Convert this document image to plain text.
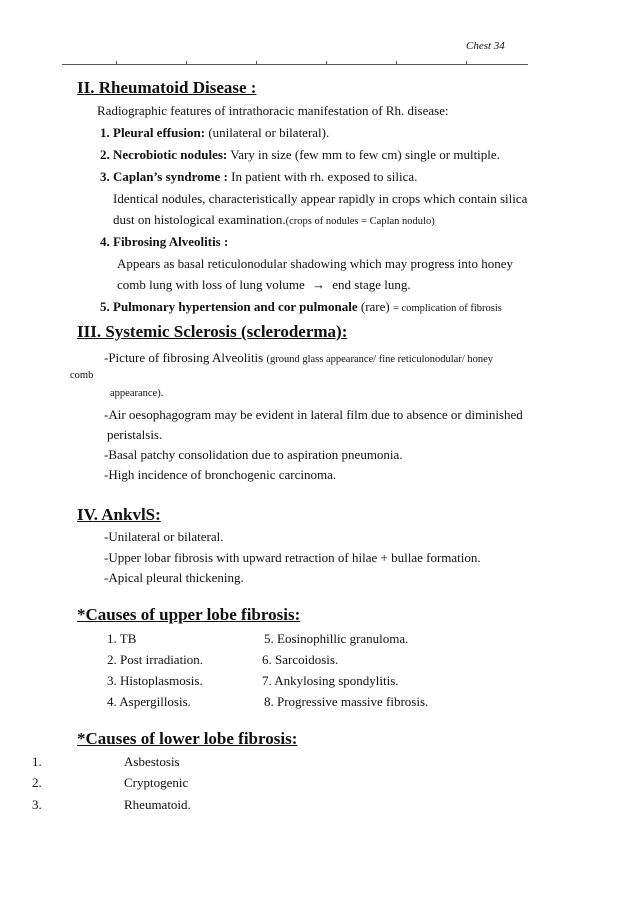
Chest 34
II. Rheumatoid Disease :
Radiographic features of intrathoracic manifestation of Rh. disease:
1. Pleural effusion: (unilateral or bilateral).
2. Necrobiotic nodules: Vary in size (few mm to few cm) single or multiple.
3. Caplan’s syndrome : In patient with rh. exposed to silica.
Identical nodules, characteristically appear rapidly in crops which contain silica
dust on histological examination.(crops of nodules = Caplan nodulo)
4. Fibrosing Alveolitis :
Appears as basal reticulonodular shadowing which may progress into honey
comb lung with loss of lung volume → end stage lung.
5. Pulmonary hypertension and cor pulmonale (rare) = complication of fibrosis
III. Systemic Sclerosis (scleroderma):
-Picture of fibrosing Alveolitis (ground glass appearance/ fine reticulonodular/ honey
comb
appearance).
-Air oesophagogram may be evident in lateral film due to absence or diminished
peristalsis.
-Basal patchy consolidation due to aspiration pneumonia.
-High incidence of bronchogenic carcinoma.
IV. AnkvlS:
-Unilateral or bilateral.
-Upper lobar fibrosis with upward retraction of hilae + bullae formation.
-Apical pleural thickening.
*Causes of upper lobe fibrosis:
1. TB
2. Post irradiation.
3. Histoplasmosis.
4. Aspergillosis.
5. Eosinophillic granuloma.
6. Sarcoidosis.
7. Ankylosing spondylitis.
8. Progressive massive fibrosis.
*Causes of lower lobe fibrosis:
1.
2.
3.
Asbestosis
Cryptogenic
Rheumatoid.
